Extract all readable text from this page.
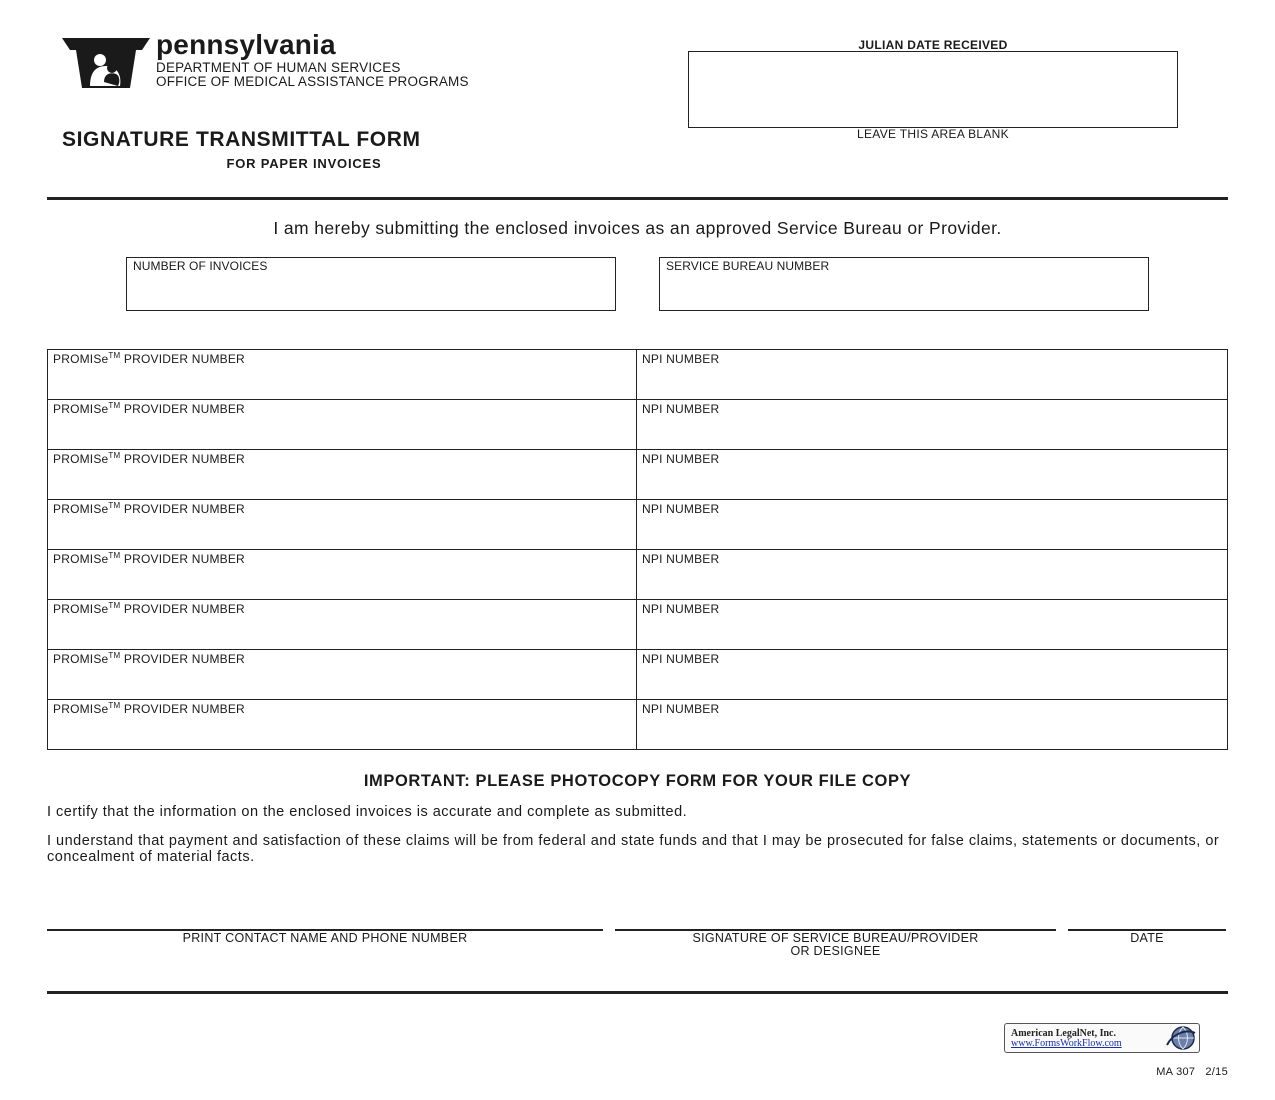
pennsylvania
DEPARTMENT OF HUMAN SERVICES
OFFICE OF MEDICAL ASSISTANCE PROGRAMS
SIGNATURE TRANSMITTAL FORM
FOR PAPER INVOICES
JULIAN DATE RECEIVED
LEAVE THIS AREA BLANK
I am hereby submitting the enclosed invoices as an approved Service Bureau or Provider.
NUMBER OF INVOICES	SERVICE BUREAU NUMBER
PROMISe™ PROVIDER NUMBER	NPI NUMBER
PROMISe™ PROVIDER NUMBER	NPI NUMBER
PROMISe™ PROVIDER NUMBER	NPI NUMBER
PROMISe™ PROVIDER NUMBER	NPI NUMBER
PROMISe™ PROVIDER NUMBER	NPI NUMBER
PROMISe™ PROVIDER NUMBER	NPI NUMBER
PROMISe™ PROVIDER NUMBER	NPI NUMBER
PROMISe™ PROVIDER NUMBER	NPI NUMBER
IMPORTANT: PLEASE PHOTOCOPY FORM FOR YOUR FILE COPY
I certify that the information on the enclosed invoices is accurate and complete as submitted.
I understand that payment and satisfaction of these claims will be from federal and state funds and that I may be prosecuted for false claims, statements or documents, or concealment of material facts.
PRINT CONTACT NAME AND PHONE NUMBER	SIGNATURE OF SERVICE BUREAU/PROVIDER
OR DESIGNEE
DATE
American LegalNet, Inc.
www.FormsWorkFlow.com
MA 307   2/15
